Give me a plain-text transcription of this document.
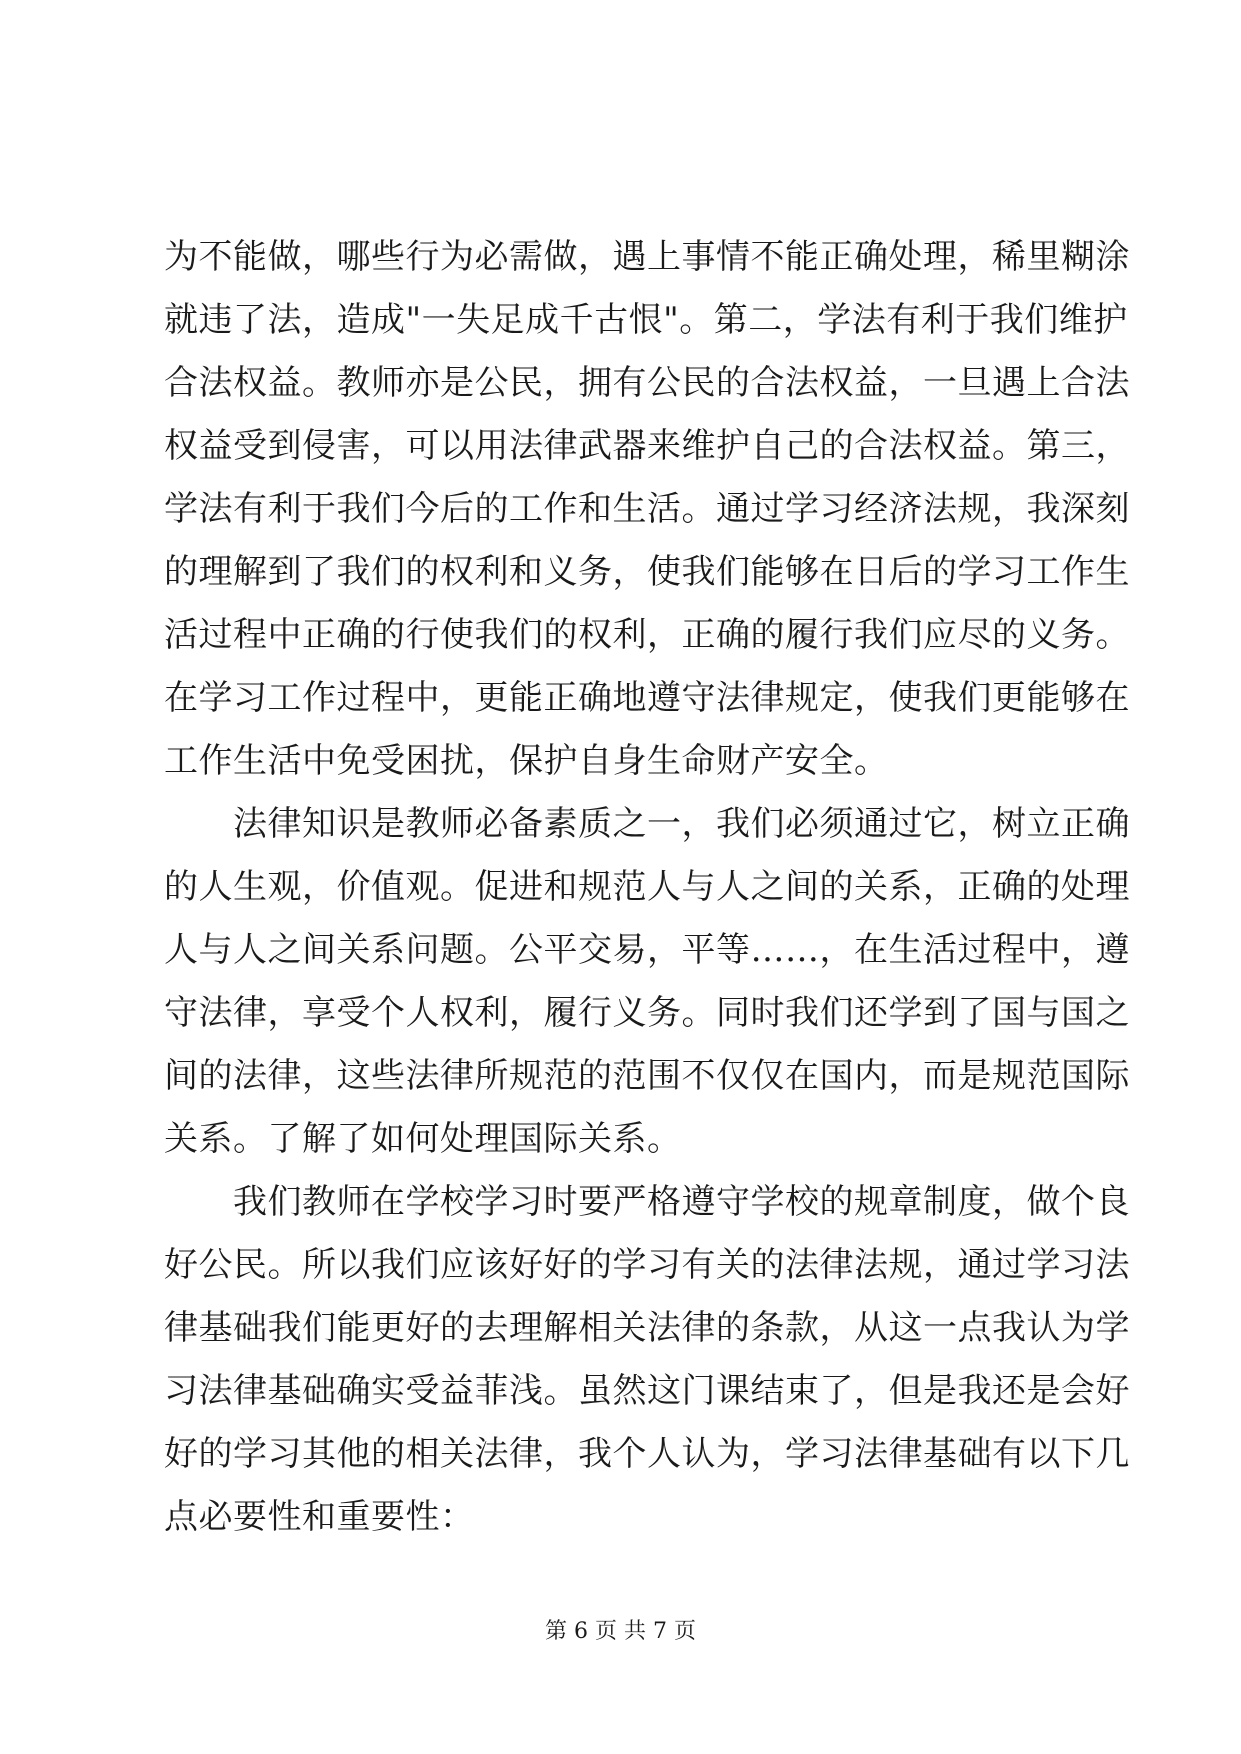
为不能做，哪些行为必需做，遇上事情不能正确处理，稀里糊涂
就违了法，造成"一失足成千古恨"。第二，学法有利于我们维护
合法权益。教师亦是公民，拥有公民的合法权益，一旦遇上合法
权益受到侵害，可以用法律武器来维护自己的合法权益。第三，
学法有利于我们今后的工作和生活。通过学习经济法规，我深刻
的理解到了我们的权利和义务，使我们能够在日后的学习工作生
活过程中正确的行使我们的权利，正确的履行我们应尽的义务。
在学习工作过程中，更能正确地遵守法律规定，使我们更能够在
工作生活中免受困扰，保护自身生命财产安全。
　　法律知识是教师必备素质之一，我们必须通过它，树立正确
的人生观，价值观。促进和规范人与人之间的关系，正确的处理
人与人之间关系问题。公平交易，平等……，在生活过程中，遵
守法律，享受个人权利，履行义务。同时我们还学到了国与国之
间的法律，这些法律所规范的范围不仅仅在国内，而是规范国际
关系。了解了如何处理国际关系。
　　我们教师在学校学习时要严格遵守学校的规章制度，做个良
好公民。所以我们应该好好的学习有关的法律法规，通过学习法
律基础我们能更好的去理解相关法律的条款，从这一点我认为学
习法律基础确实受益菲浅。虽然这门课结束了，但是我还是会好
好的学习其他的相关法律，我个人认为，学习法律基础有以下几
点必要性和重要性：
第 6 页 共 7 页
